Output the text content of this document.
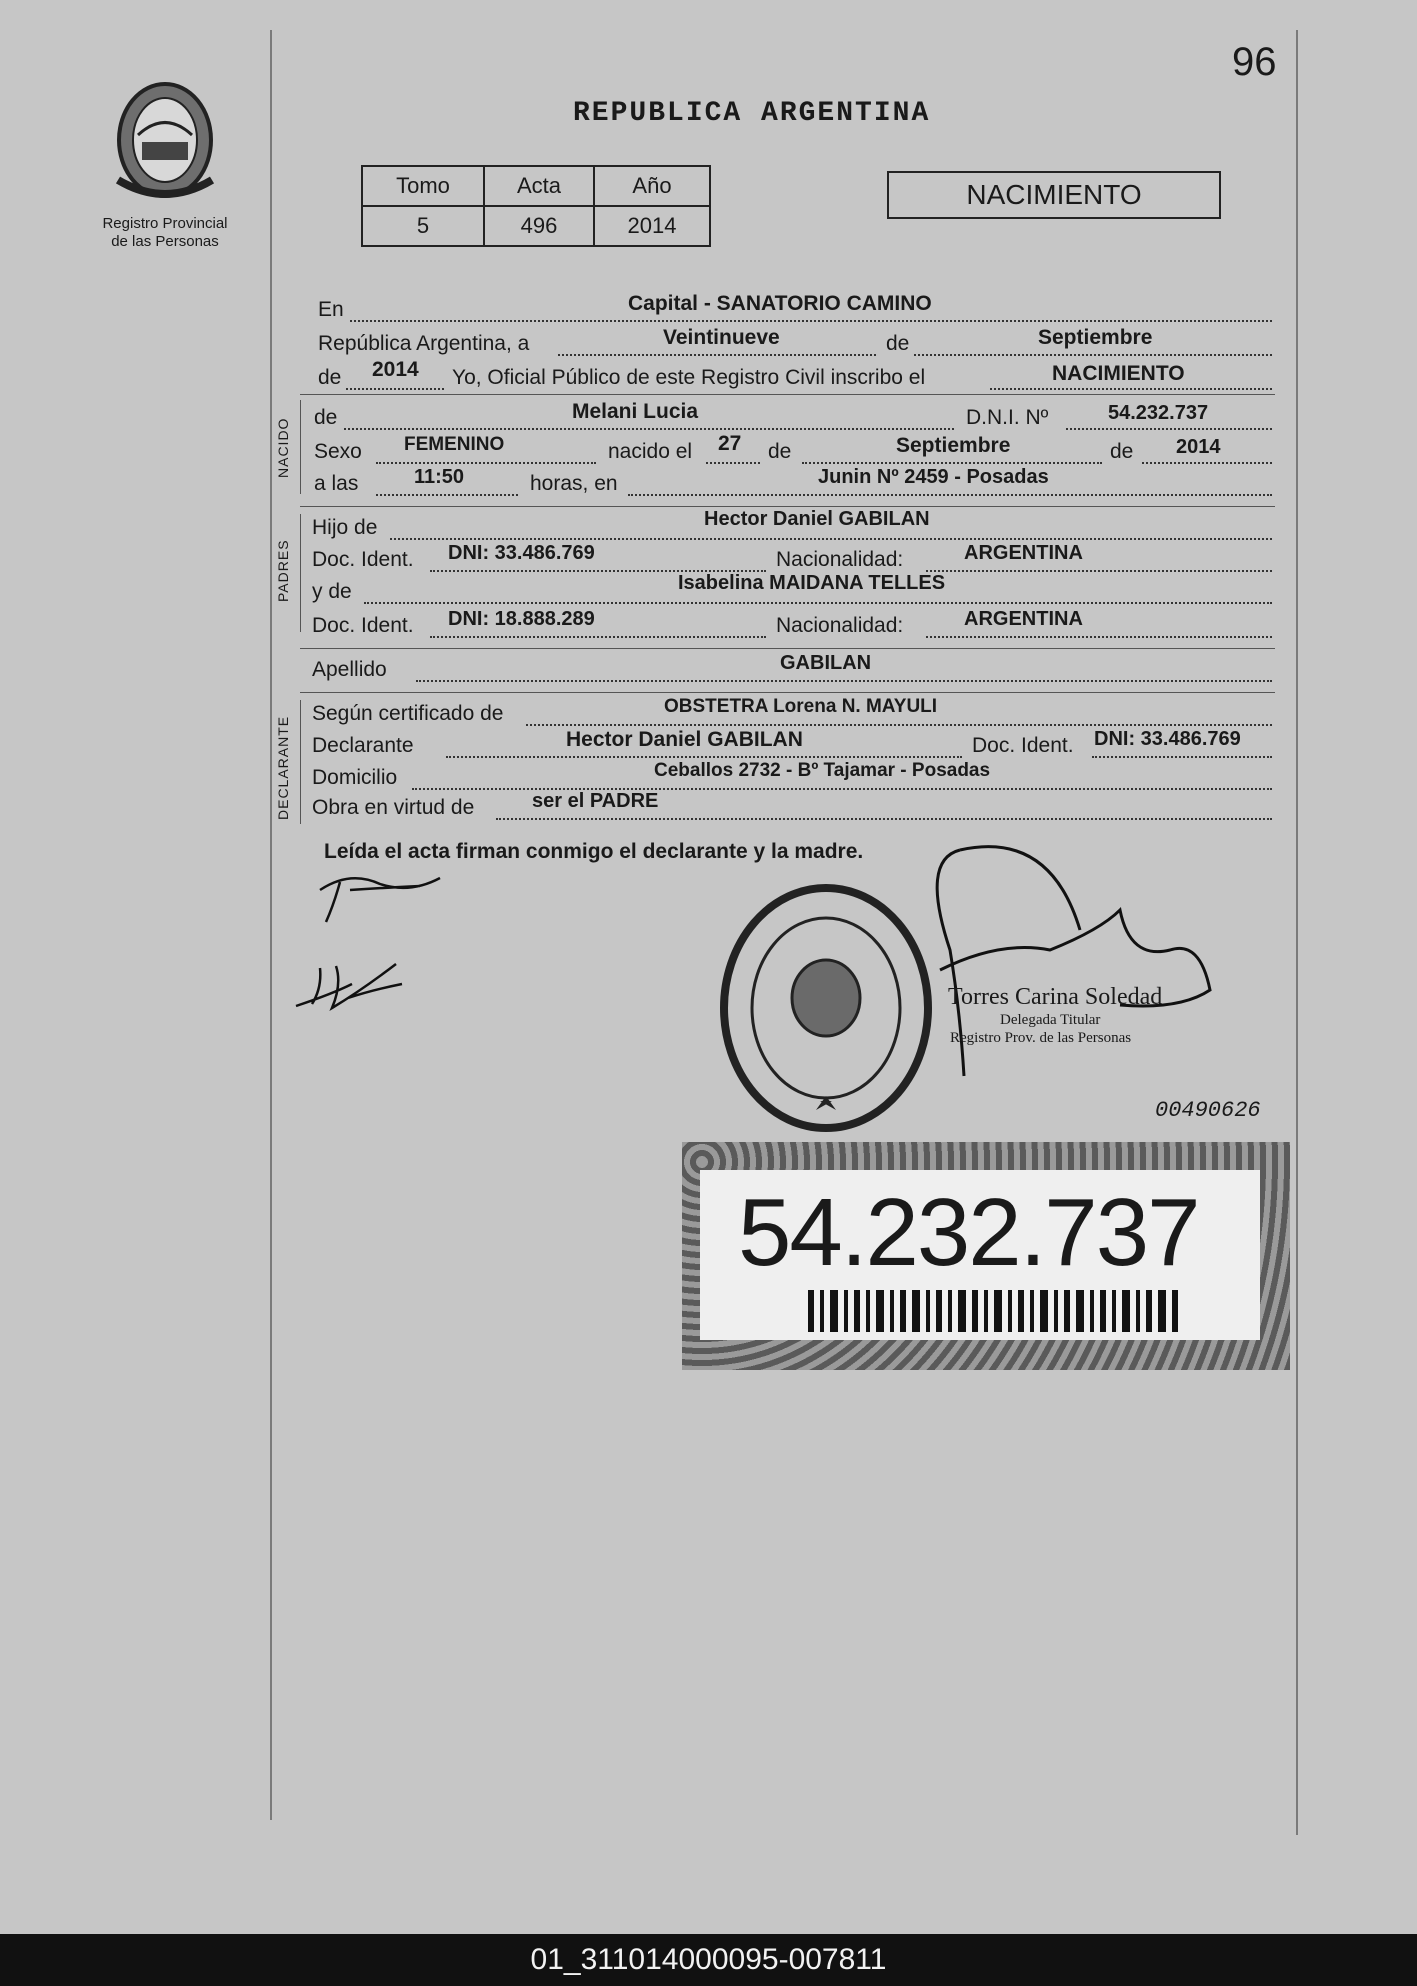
96
REPUBLICA ARGENTINA
Registro Provincial
de las Personas
Tomo	Acta	Año
5	496	2014
NACIMIENTO
En	Capital - SANATORIO CAMINO
República Argentina, a	Veintinueve	de	Septiembre
de 2014 Yo, Oficial Público de este Registro Civil inscribo el	NACIMIENTO
NACIDO
de	Melani Lucia	D.N.I. Nº	54.232.737
Sexo FEMENINO	nacido el 27 de	Septiembre	de 2014
a las	11:50	horas, en	Junin Nº 2459 - Posadas
PADRES
Hijo de	Hector Daniel GABILAN
Doc. Ident. DNI: 33.486.769	Nacionalidad:	ARGENTINA
y de	Isabelina MAIDANA TELLES
Doc. Ident. DNI: 18.888.289	Nacionalidad:	ARGENTINA
Apellido	GABILAN
DECLARANTE
Según certificado de	OBSTETRA Lorena N. MAYULI
Declarante	Hector Daniel GABILAN	Doc. Ident. DNI: 33.486.769
Domicilio	Ceballos 2732 - Bº Tajamar - Posadas
Obra en virtud de	ser el PADRE
Leída el acta firman conmigo el declarante y la madre.
Torres Carina Soledad
Delegada Titular
Registro Prov. de las Personas
00490626
54.232.737
01_311014000095-007811
